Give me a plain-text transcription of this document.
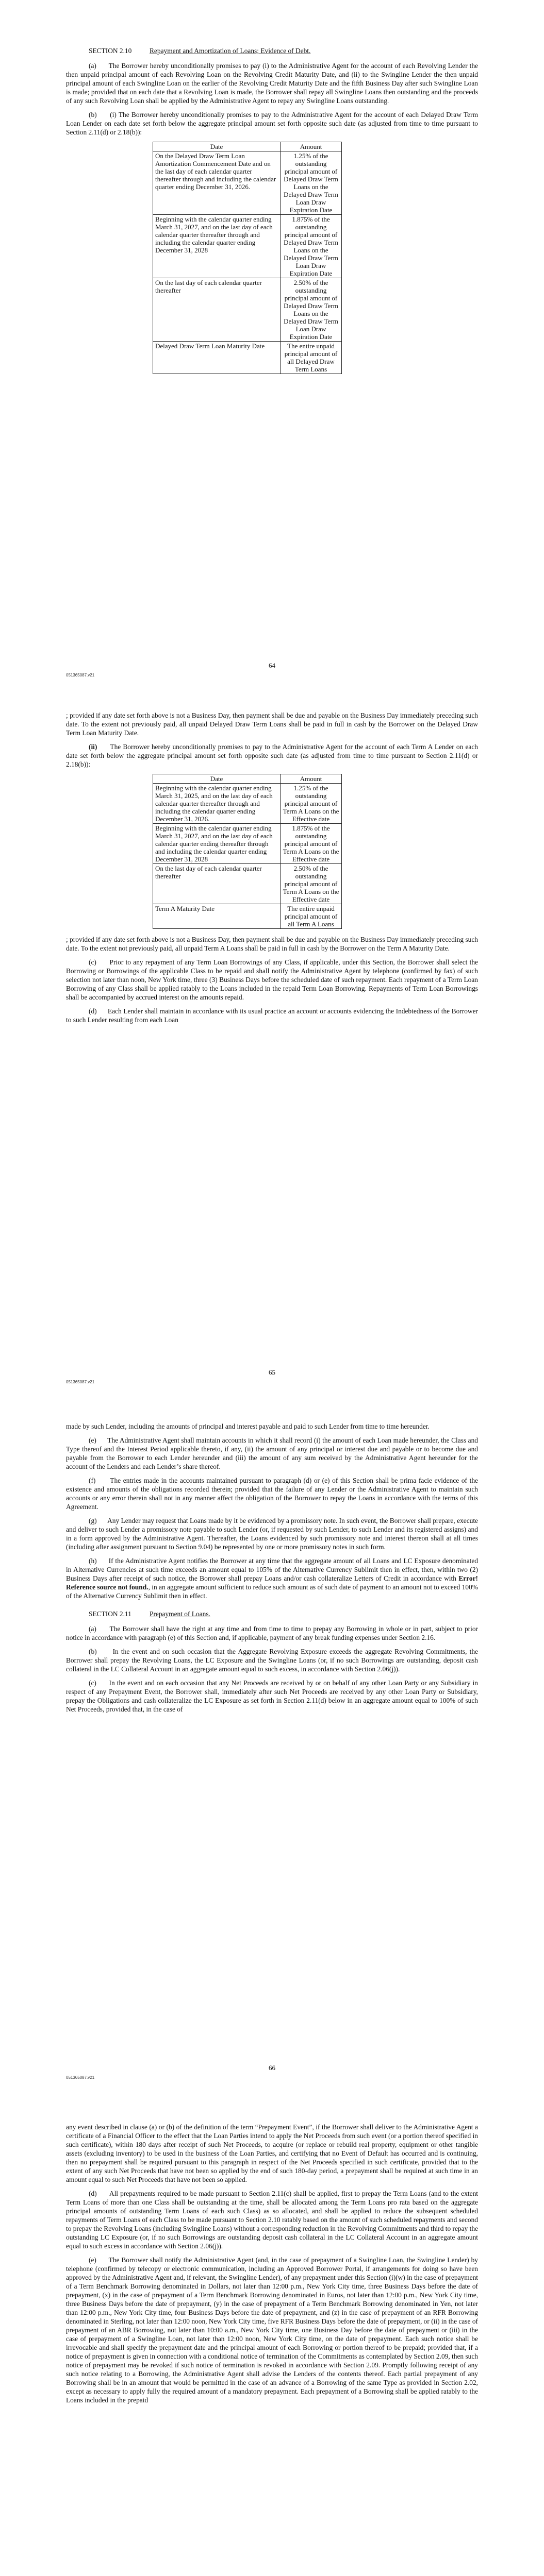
SECTION 2.10	Repayment and Amortization of Loans; Evidence of Debt.

(a)      The Borrower hereby unconditionally promises to pay (i) to the Administrative Agent for the account of each Revolving Lender the then unpaid principal amount of each Revolving Loan on the Revolving Credit Maturity Date, and (ii) to the Swingline Lender the then unpaid principal amount of each Swingline Loan on the earlier of the Revolving Credit Maturity Date and the fifth Business Day after such Swingline Loan is made; provided that on each date that a Revolving Loan is made, the Borrower shall repay all Swingline Loans then outstanding and the proceeds of any such Revolving Loan shall be applied by the Administrative Agent to repay any Swingline Loans outstanding.

(b)      (i) The Borrower hereby unconditionally promises to pay to the Administrative Agent for the account of each Delayed Draw Term Loan Lender on each date set forth below the aggregate principal amount set forth opposite such date (as adjusted from time to time pursuant to Section 2.11(d) or 2.18(b)):

Date	Amount
On the Delayed Draw Term Loan Amortization Commencement Date and on the last day of each calendar quarter thereafter through and including the calendar quarter ending December 31, 2026.	1.25% of the outstanding principal amount of Delayed Draw Term Loans on the Delayed Draw Term Loan Draw Expiration Date
Beginning with the calendar quarter ending March 31, 2027, and on the last day of each calendar quarter thereafter through and including the calendar quarter ending December 31, 2028	1.875% of the outstanding principal amount of Delayed Draw Term Loans on the Delayed Draw Term Loan Draw Expiration Date
On the last day of each calendar quarter thereafter	2.50% of the outstanding principal amount of Delayed Draw Term Loans on the Delayed Draw Term Loan Draw Expiration Date
Delayed Draw Term Loan Maturity Date	The entire unpaid principal amount of all Delayed Draw Term Loans
64
051365087.v21

; provided if any date set forth above is not a Business Day, then payment shall be due and payable on the Business Day immediately preceding such date. To the extent not previously paid, all unpaid Delayed Draw Term Loans shall be paid in full in cash by the Borrower on the Delayed Draw Term Loan Maturity Date.

(ii) The Borrower hereby unconditionally promises to pay to the Administrative Agent for the account of each Term A Lender on each date set forth below the aggregate principal amount set forth opposite such date (as adjusted from time to time pursuant to Section 2.11(d) or 2.18(b)):

Date	Amount
Beginning with the calendar quarter ending March 31, 2025, and on the last day of each calendar quarter thereafter through and including the calendar quarter ending December 31, 2026.	1.25% of the outstanding principal amount of Term A Loans on the Effective date
Beginning with the calendar quarter ending March 31, 2027, and on the last day of each calendar quarter ending thereafter through and including the calendar quarter ending December 31, 2028	1.875% of the outstanding principal amount of Term A Loans on the Effective date
On the last day of each calendar quarter thereafter	2.50% of the outstanding principal amount of Term A Loans on the Effective date
Term A Maturity Date	The entire unpaid principal amount of all Term A Loans

; provided if any date set forth above is not a Business Day, then payment shall be due and payable on the Business Day immediately preceding such date. To the extent not previously paid, all unpaid Term A Loans shall be paid in full in cash by the Borrower on the Term A Maturity Date.

(c)      Prior to any repayment of any Term Loan Borrowings of any Class, if applicable, under this Section, the Borrower shall select the Borrowing or Borrowings of the applicable Class to be repaid and shall notify the Administrative Agent by telephone (confirmed by fax) of such selection not later than noon, New York time, three (3) Business Days before the scheduled date of such repayment. Each repayment of a Term Loan Borrowing of any Class shall be applied ratably to the Loans included in the repaid Term Loan Borrowing. Repayments of Term Loan Borrowings shall be accompanied by accrued interest on the amounts repaid.

(d)      Each Lender shall maintain in accordance with its usual practice an account or accounts evidencing the Indebtedness of the Borrower to such Lender resulting from each Loan

65
051365087.v21

made by such Lender, including the amounts of principal and interest payable and paid to such Lender from time to time hereunder.

(e)      The Administrative Agent shall maintain accounts in which it shall record (i) the amount of each Loan made hereunder, the Class and Type thereof and the Interest Period applicable thereto, if any, (ii) the amount of any principal or interest due and payable or to become due and payable from the Borrower to each Lender hereunder and (iii) the amount of any sum received by the Administrative Agent hereunder for the account of the Lenders and each Lender’s share thereof.

(f)      The entries made in the accounts maintained pursuant to paragraph (d) or (e) of this Section shall be prima facie evidence of the existence and amounts of the obligations recorded therein; provided that the failure of any Lender or the Administrative Agent to maintain such accounts or any error therein shall not in any manner affect the obligation of the Borrower to repay the Loans in accordance with the terms of this Agreement.

(g)      Any Lender may request that Loans made by it be evidenced by a promissory note. In such event, the Borrower shall prepare, execute and deliver to such Lender a promissory note payable to such Lender (or, if requested by such Lender, to such Lender and its registered assigns) and in a form approved by the Administrative Agent. Thereafter, the Loans evidenced by such promissory note and interest thereon shall at all times (including after assignment pursuant to Section 9.04) be represented by one or more promissory notes in such form.

(h)      If the Administrative Agent notifies the Borrower at any time that the aggregate amount of all Loans and LC Exposure denominated in Alternative Currencies at such time exceeds an amount equal to 105% of the Alternative Currency Sublimit then in effect, then, within two (2) Business Days after receipt of such notice, the Borrower shall prepay Loans and/or cash collateralize Letters of Credit in accordance with Error! Reference source not found., in an aggregate amount sufficient to reduce such amount as of such date of payment to an amount not to exceed 100% of the Alternative Currency Sublimit then in effect.

SECTION 2.11	Prepayment of Loans.

(a)      The Borrower shall have the right at any time and from time to time to prepay any Borrowing in whole or in part, subject to prior notice in accordance with paragraph (e) of this Section and, if applicable, payment of any break funding expenses under Section 2.16.

(b)      In the event and on such occasion that the Aggregate Revolving Exposure exceeds the aggregate Revolving Commitments, the Borrower shall prepay the Revolving Loans, the LC Exposure and the Swingline Loans (or, if no such Borrowings are outstanding, deposit cash collateral in the LC Collateral Account in an aggregate amount equal to such excess, in accordance with Section 2.06(j)).

(c)      In the event and on each occasion that any Net Proceeds are received by or on behalf of any other Loan Party or any Subsidiary in respect of any Prepayment Event, the Borrower shall, immediately after such Net Proceeds are received by any other Loan Party or Subsidiary, prepay the Obligations and cash collateralize the LC Exposure as set forth in Section 2.11(d) below in an aggregate amount equal to 100% of such Net Proceeds, provided that, in the case of

66
051365087.v21

any event described in clause (a) or (b) of the definition of the term “Prepayment Event”, if the Borrower shall deliver to the Administrative Agent a certificate of a Financial Officer to the effect that the Loan Parties intend to apply the Net Proceeds from such event (or a portion thereof specified in such certificate), within 180 days after receipt of such Net Proceeds, to acquire (or replace or rebuild real property, equipment or other tangible assets (excluding inventory) to be used in the business of the Loan Parties, and certifying that no Event of Default has occurred and is continuing, then no prepayment shall be required pursuant to this paragraph in respect of the Net Proceeds specified in such certificate, provided that to the extent of any such Net Proceeds that have not been so applied by the end of such 180-day period, a prepayment shall be required at such time in an amount equal to such Net Proceeds that have not been so applied.

(d)      All prepayments required to be made pursuant to Section 2.11(c) shall be applied, first to prepay the Term Loans (and to the extent Term Loans of more than one Class shall be outstanding at the time, shall be allocated among the Term Loans pro rata based on the aggregate principal amounts of outstanding Term Loans of each such Class) as so allocated, and shall be applied to reduce the subsequent scheduled repayments of Term Loans of each Class to be made pursuant to Section 2.10 ratably based on the amount of such scheduled repayments and second to prepay the Revolving Loans (including Swingline Loans) without a corresponding reduction in the Revolving Commitments and third to repay the outstanding LC Exposure (or, if no such Borrowings are outstanding deposit cash collateral in the LC Collateral Account in an aggregate amount equal to such excess in accordance with Section 2.06(j)).

(e)      The Borrower shall notify the Administrative Agent (and, in the case of prepayment of a Swingline Loan, the Swingline Lender) by telephone (confirmed by telecopy or electronic communication, including an Approved Borrower Portal, if arrangements for doing so have been approved by the Administrative Agent and, if relevant, the Swingline Lender), of any prepayment under this Section (i)(w) in the case of prepayment of a Term Benchmark Borrowing denominated in Dollars, not later than 12:00 p.m., New York City time, three Business Days before the date of prepayment, (x) in the case of prepayment of a Term Benchmark Borrowing denominated in Euros, not later than 12:00 p.m., New York City time, three Business Days before the date of prepayment, (y) in the case of prepayment of a Term Benchmark Borrowing denominated in Yen, not later than 12:00 p.m., New York City time, four Business Days before the date of prepayment, and (z) in the case of prepayment of an RFR Borrowing denominated in Sterling, not later than 12:00 noon, New York City time, five RFR Business Days before the date of prepayment, or (ii) in the case of prepayment of an ABR Borrowing, not later than 10:00 a.m., New York City time, one Business Day before the date of prepayment or (iii) in the case of prepayment of a Swingline Loan, not later than 12:00 noon, New York City time, on the date of prepayment. Each such notice shall be irrevocable and shall specify the prepayment date and the principal amount of each Borrowing or portion thereof to be prepaid; provided that, if a notice of prepayment is given in connection with a conditional notice of termination of the Commitments as contemplated by Section 2.09, then such notice of prepayment may be revoked if such notice of termination is revoked in accordance with Section 2.09. Promptly following receipt of any such notice relating to a Borrowing, the Administrative Agent shall advise the Lenders of the contents thereof. Each partial prepayment of any Borrowing shall be in an amount that would be permitted in the case of an advance of a Borrowing of the same Type as provided in Section 2.02, except as necessary to apply fully the required amount of a mandatory prepayment. Each prepayment of a Borrowing shall be applied ratably to the Loans included in the prepaid
